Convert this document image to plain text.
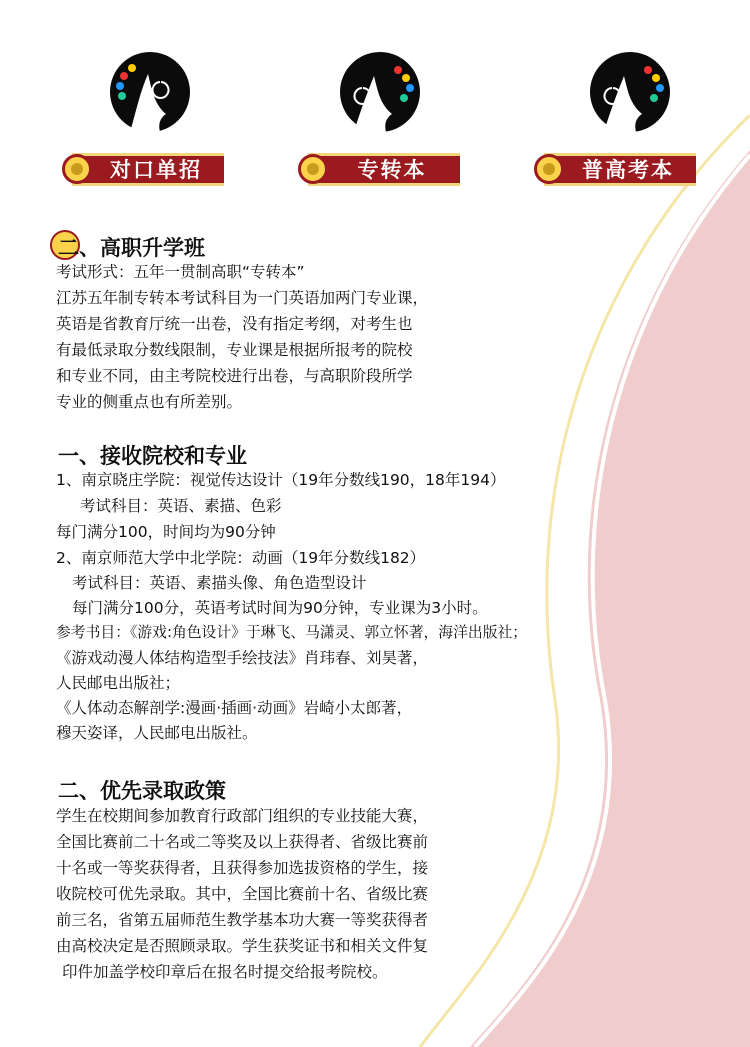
对口单招	专转本	普高考本
二、高职升学班
考试形式：五年一贯制高职“专转本”
江苏五年制专转本考试科目为一门英语加两门专业课，
英语是省教育厅统一出卷，没有指定考纲，对考生也
有最低录取分数线限制，专业课是根据所报考的院校
和专业不同，由主考院校进行出卷，与高职阶段所学
专业的侧重点也有所差别。
一、接收院校和专业
1、南京晓庄学院：视觉传达设计（19年分数线190，18年194）
考试科目：英语、素描、色彩
每门满分100，时间均为90分钟
2、南京师范大学中北学院：动画（19年分数线182）
考试科目：英语、素描头像、角色造型设计
每门满分100分，英语考试时间为90分钟，专业课为3小时。
参考书目：《游戏:角色设计》于琳飞、马潇灵、郭立怀著，海洋出版社；
《游戏动漫人体结构造型手绘技法》肖玮春、刘昊著，
人民邮电出版社；
《人体动态解剖学:漫画·插画·动画》岩崎小太郎著，
穆天姿译，人民邮电出版社。
二、优先录取政策
学生在校期间参加教育行政部门组织的专业技能大赛，
全国比赛前二十名或二等奖及以上获得者、省级比赛前
十名或一等奖获得者，且获得参加选拔资格的学生，接
收院校可优先录取。其中，全国比赛前十名、省级比赛
前三名，省第五届师范生教学基本功大赛一等奖获得者
由高校决定是否照顾录取。学生获奖证书和相关文件复
印件加盖学校印章后在报名时提交给报考院校。
